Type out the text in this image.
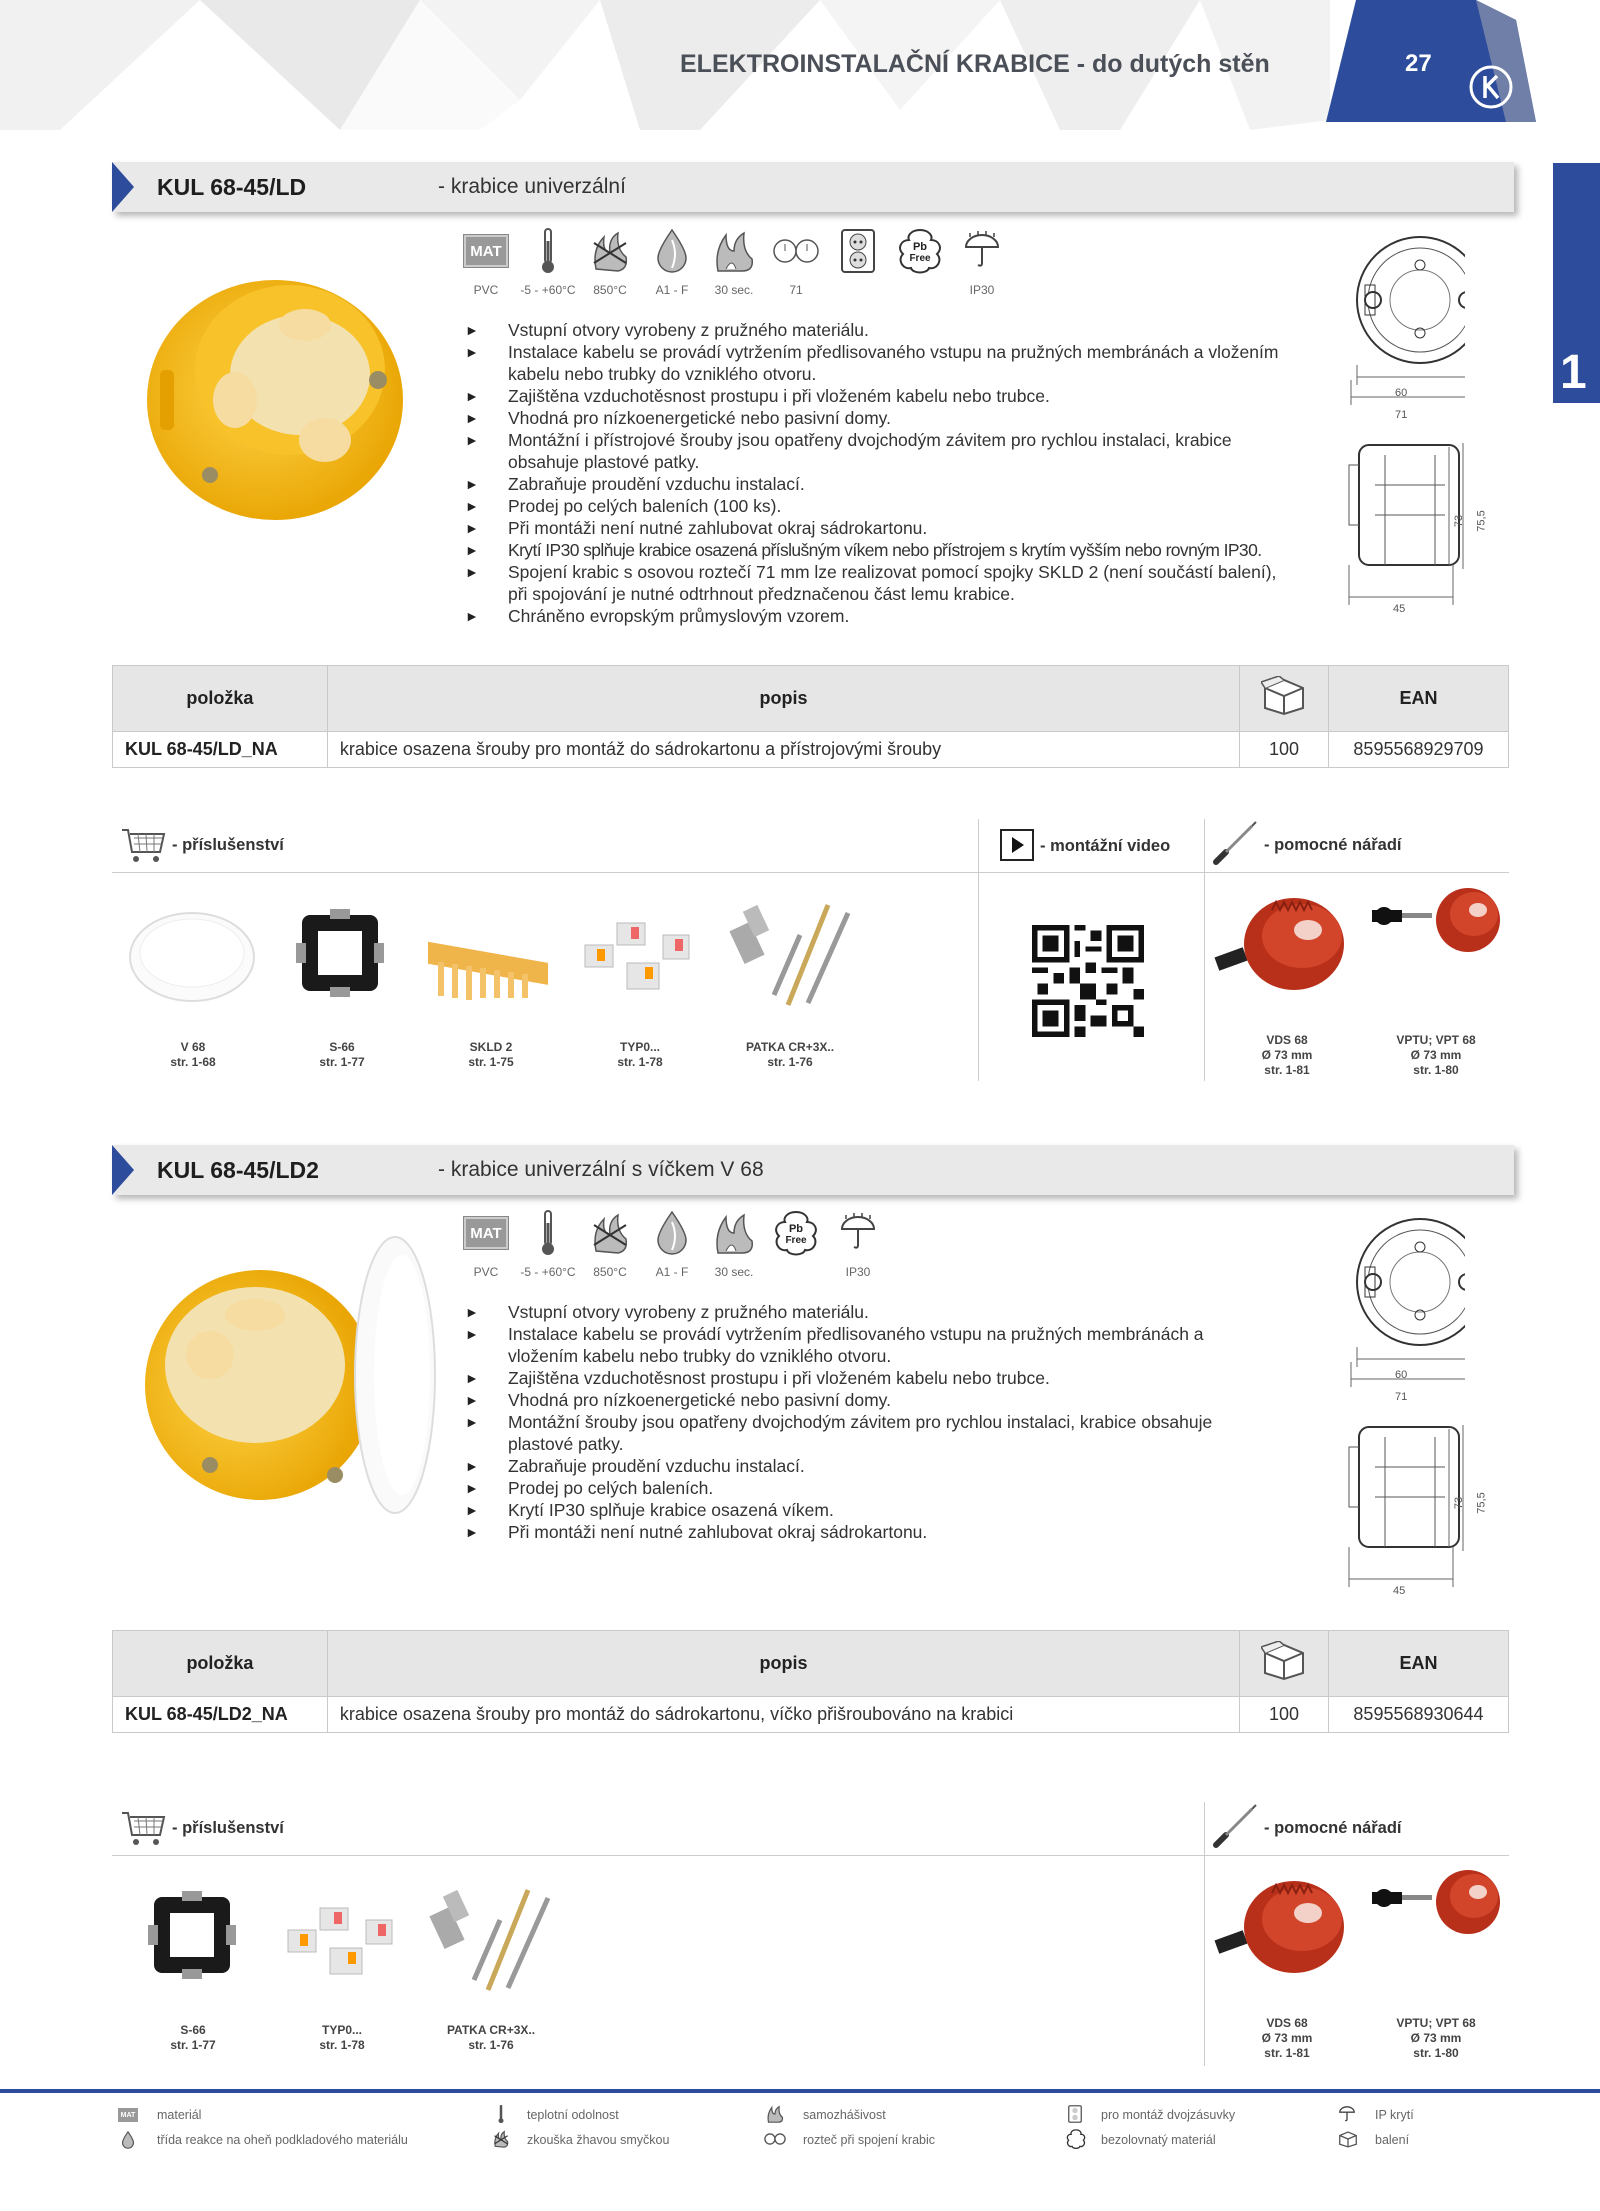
ELEKTROINSTALAČNÍ KRABICE - do dutých stěn	27
1
KUL 68-45/LD	- krabice univerzální
MAT	Pb
Free
PVC -5 - +60°C 850°C A1 - F 30 sec.	71	IP30
► Vstupní otvory vyrobeny z pružného materiálu.
► Instalace kabelu se provádí vytržením předlisovaného vstupu na pružných membránách a vložením kabelu nebo trubky do vzniklého otvoru.
► Zajištěna vzduchotěsnost prostupu i při vloženém kabelu nebo trubce.
► Vhodná pro nízkoenergetické nebo pasivní domy.
► Montážní i přístrojové šrouby jsou opatřeny dvojchodým závitem pro rychlou instalaci, krabice obsahuje plastové patky.
► Zabraňuje proudění vzduchu instalací.
► Prodej po celých baleních (100 ks).
► Při montáži není nutné zahlubovat okraj sádrokartonu.
► Krytí IP30 splňuje krabice osazená příslušným víkem nebo přístrojem s krytím vyšším nebo rovným IP30.
► Spojení krabic s osovou roztečí 71 mm lze realizovat pomocí spojky SKLD 2 (není součástí balení), při spojování je nutné odtrhnout předznačenou část lemu krabice.
► Chráněno evropským průmyslovým vzorem.
60
71
45
73 75,5
položka	popis		EAN
KUL 68-45/LD_NA	krabice osazena šrouby pro montáž do sádrokartonu a přístrojovými šrouby	100	8595568929709
- příslušenství	- montážní video	- pomocné nářadí
V 68
str. 1-68
S-66
str. 1-77
SKLD 2
str. 1-75
TYP0...
str. 1-78
PATKA CR+3X..
str. 1-76
VDS 68
Ø 73 mm
str. 1-81
VPTU; VPT 68
Ø 73 mm
str. 1-80
KUL 68-45/LD2	- krabice univerzální s víčkem V 68
MAT	Pb
Free
PVC -5 - +60°C 850°C A1 - F 30 sec.	IP30
► Vstupní otvory vyrobeny z pružného materiálu.
► Instalace kabelu se provádí vytržením předlisovaného vstupu na pružných membránách a vložením kabelu nebo trubky do vzniklého otvoru.
► Zajištěna vzduchotěsnost prostupu i při vloženém kabelu nebo trubce.
► Vhodná pro nízkoenergetické nebo pasivní domy.
► Montážní šrouby jsou opatřeny dvojchodým závitem pro rychlou instalaci, krabice obsahuje plastové patky.
► Zabraňuje proudění vzduchu instalací.
► Prodej po celých baleních.
► Krytí IP30 splňuje krabice osazená víkem.
► Při montáži není nutné zahlubovat okraj sádrokartonu.
60
71
45
73 75,5
položka	popis		EAN
KUL 68-45/LD2_NA	krabice osazena šrouby pro montáž do sádrokartonu, víčko přišroubováno na krabici	100	8595568930644
- příslušenství	- pomocné nářadí
S-66
str. 1-77
TYP0...
str. 1-78
PATKA CR+3X..
str. 1-76
VDS 68
Ø 73 mm
str. 1-81
VPTU; VPT 68
Ø 73 mm
str. 1-80
MAT materiál
třída reakce na oheň podkladového materiálu
teplotní odolnost
zkouška žhavou smyčkou
samozhášivost
rozteč při spojení krabic
pro montáž dvojzásuvky
bezolovnatý materiál
IP krytí
balení
